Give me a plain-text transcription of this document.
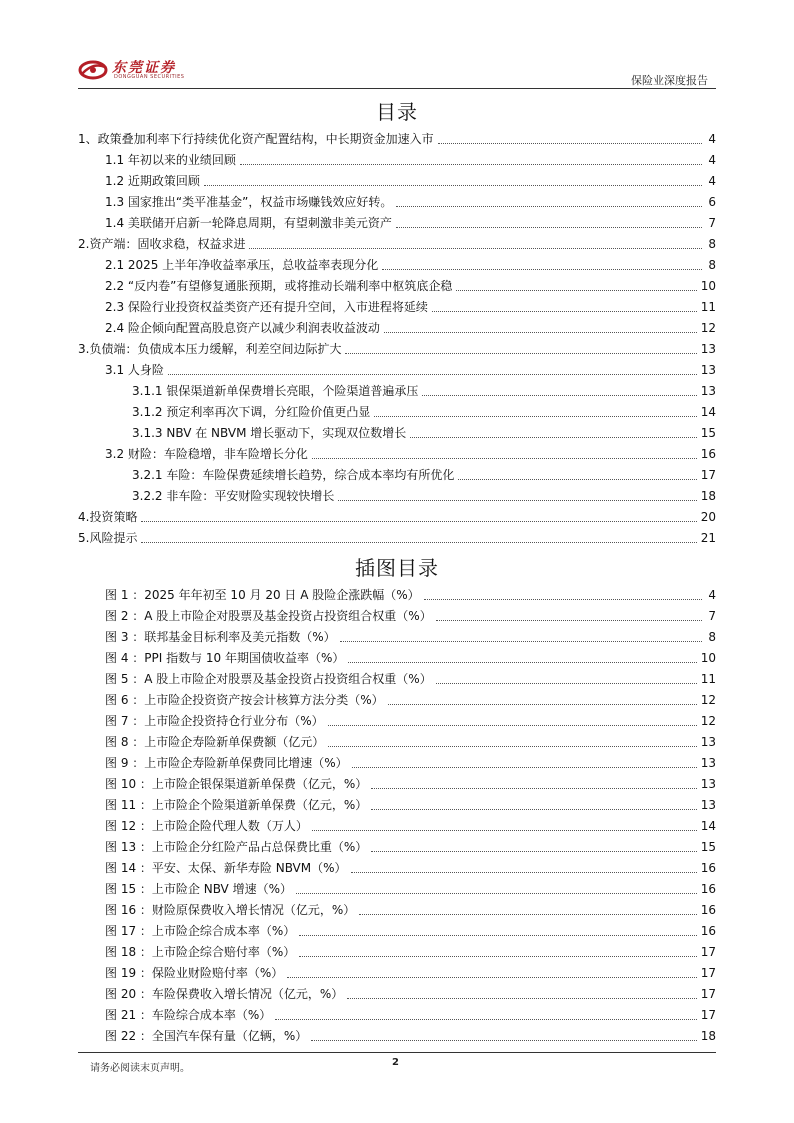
东莞证券
DONGGUAN SECURITIES	保险业深度报告
目录
1、政策叠加利率下行持续优化资产配置结构，中长期资金加速入市	4
1.1 年初以来的业绩回顾	4
1.2 近期政策回顾	4
1.3 国家推出“类平准基金”，权益市场赚钱效应好转。	6
1.4 美联储开启新一轮降息周期，有望刺激非美元资产	7
2.资产端：固收求稳，权益求进	8
2.1 2025 上半年净收益率承压，总收益率表现分化	8
2.2 “反内卷”有望修复通胀预期，或将推动长端利率中枢筑底企稳	10
2.3 保险行业投资权益类资产还有提升空间，入市进程将延续	11
2.4 险企倾向配置高股息资产以减少利润表收益波动	12
3.负债端：负债成本压力缓解，利差空间边际扩大	13
3.1 人身险	13
3.1.1 银保渠道新单保费增长亮眼，个险渠道普遍承压	13
3.1.2 预定利率再次下调，分红险价值更凸显	14
3.1.3 NBV 在 NBVM 增长驱动下，实现双位数增长	15
3.2 财险：车险稳增，非车险增长分化	16
3.2.1 车险：车险保费延续增长趋势，综合成本率均有所优化	17
3.2.2 非车险：平安财险实现较快增长	18
4.投资策略	20
5.风险提示	21
插图目录
图 1 ：2025 年年初至 10 月 20 日 A 股险企涨跌幅（%）	4
图 2 ：A 股上市险企对股票及基金投资占投资组合权重（%）	7
图 3 ：联邦基金目标利率及美元指数（%）	8
图 4 ：PPI 指数与 10 年期国债收益率（%）	10
图 5 ：A 股上市险企对股票及基金投资占投资组合权重（%）	11
图 6 ：上市险企投资资产按会计核算方法分类（%）	12
图 7 ：上市险企投资持仓行业分布（%）	12
图 8 ：上市险企寿险新单保费额（亿元）	13
图 9 ：上市险企寿险新单保费同比增速（%）	13
图 10 ：上市险企银保渠道新单保费（亿元，%）	13
图 11 ：上市险企个险渠道新单保费（亿元，%）	13
图 12 ：上市险企险代理人数（万人）	14
图 13 ：上市险企分红险产品占总保费比重（%）	15
图 14 ：平安、太保、新华寿险 NBVM（%）	16
图 15 ：上市险企 NBV 增速（%）	16
图 16 ：财险原保费收入增长情况（亿元，%）	16
图 17 ：上市险企综合成本率（%）	16
图 18 ：上市险企综合赔付率（%）	17
图 19 ：保险业财险赔付率（%）	17
图 20 ：车险保费收入增长情况（亿元，%）	17
图 21 ：车险综合成本率（%）	17
图 22 ：全国汽车保有量（亿辆，%）	18
请务必阅读末页声明。
2
